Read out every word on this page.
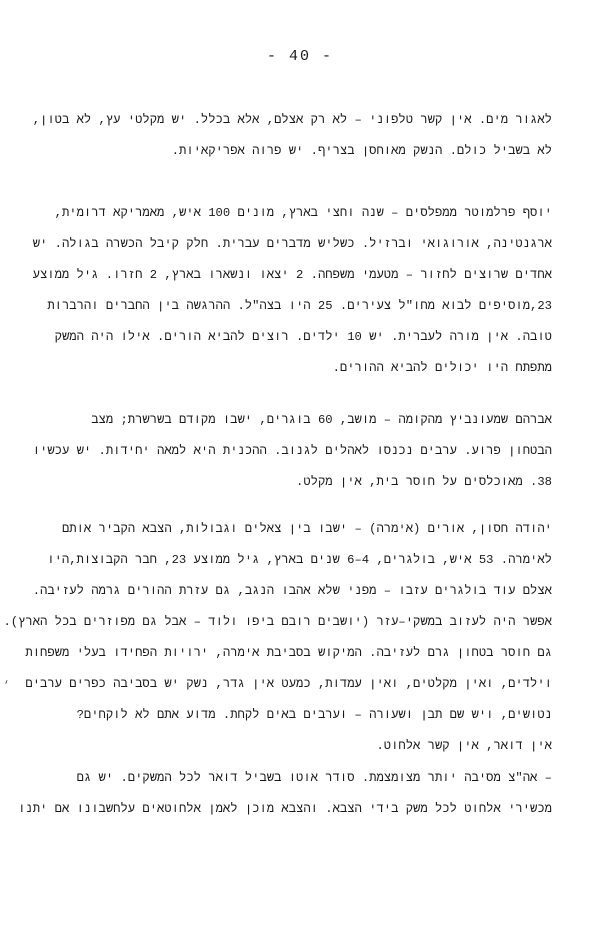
- 40 -
לאגור מים. אין קשר טלפוני – לא רק אצלם, אלא בכלל. יש מקלטי עץ, לא בטון,
לא בשביל כולם. הנשק מאוחסן בצריף. יש פרוה אפריקאיות.
יוסף פרלמוטר ממפלסים – שנה וחצי בארץ, מונים 100 איש, מאמריקא דרומית,
ארגנטינה, אורוגואי וברזיל. כשליש מדברים עברית. חלק קיבל הכשרה בגולה. יש
אחדים שרוצים לחזור – מטעמי משפחה. 2 יצאו ונשארו בארץ, 2 חזרו. גיל ממוצע
23,מוסיפים לבוא מחו"ל צעירים. 25 היו בצה"ל. ההרגשה בין החברים והרברות
טובה. אין מורה לעברית. יש 10 ילדים. רוצים להביא הורים. אילו היה המשק
מתפתח היו יכולים להביא ההורים.
אברהם שמעונביץ מהקומה – מושב, 60 בוגרים, ישבו מקודם בשרשרת; מצב
הבטחון פרוע. ערבים נכנסו לאהלים לגנוב. ההכנית היא למאה יחידות. יש עכשיו
38. מאוכלסים על חוסר בית, אין מקלט.
יהודה חסון, אורים (אימרה) – ישבו בין צאלים וגבולות, הצבא הקביר אותם
לאימרה. 53 איש, בולגרים, 4–6 שנים בארץ, גיל ממוצע 23, חבר הקבוצות,היו
אצלם עוד בולגרים עזבו – מפני שלא אהבו הנגב, גם עזרת ההורים גרמה לעזיבה.
אפשר היה לעזוב במשקי–עזר (יושבים רובם ביפו ולוד – אבל גם מפוזרים בכל הארץ).
גם חוסר בטחון גרם לעזיבה. המיקוש בסביבת אימרה, ירויות הפחידו בעלי משפחות
וילדים, ואין מקלטים, ואין עמדות, כמעט אין גדר, נשק יש בסביבה כפרים ערבים
נטושים, ויש שם תבן ושעורה – וערבים באים לקחת. מדוע אתם לא לוקחים?
אין דואר, אין קשר אלחוט.
– אה"צ מסיבה יותר מצומצמת. סודר אוטו בשביל דואר לכל המשקים. יש גם
מכשירי אלחוט לכל משק בידי הצבא. והצבא מוכן לאמן אלחוטאים עלחשבונו אם יתנו
‘
